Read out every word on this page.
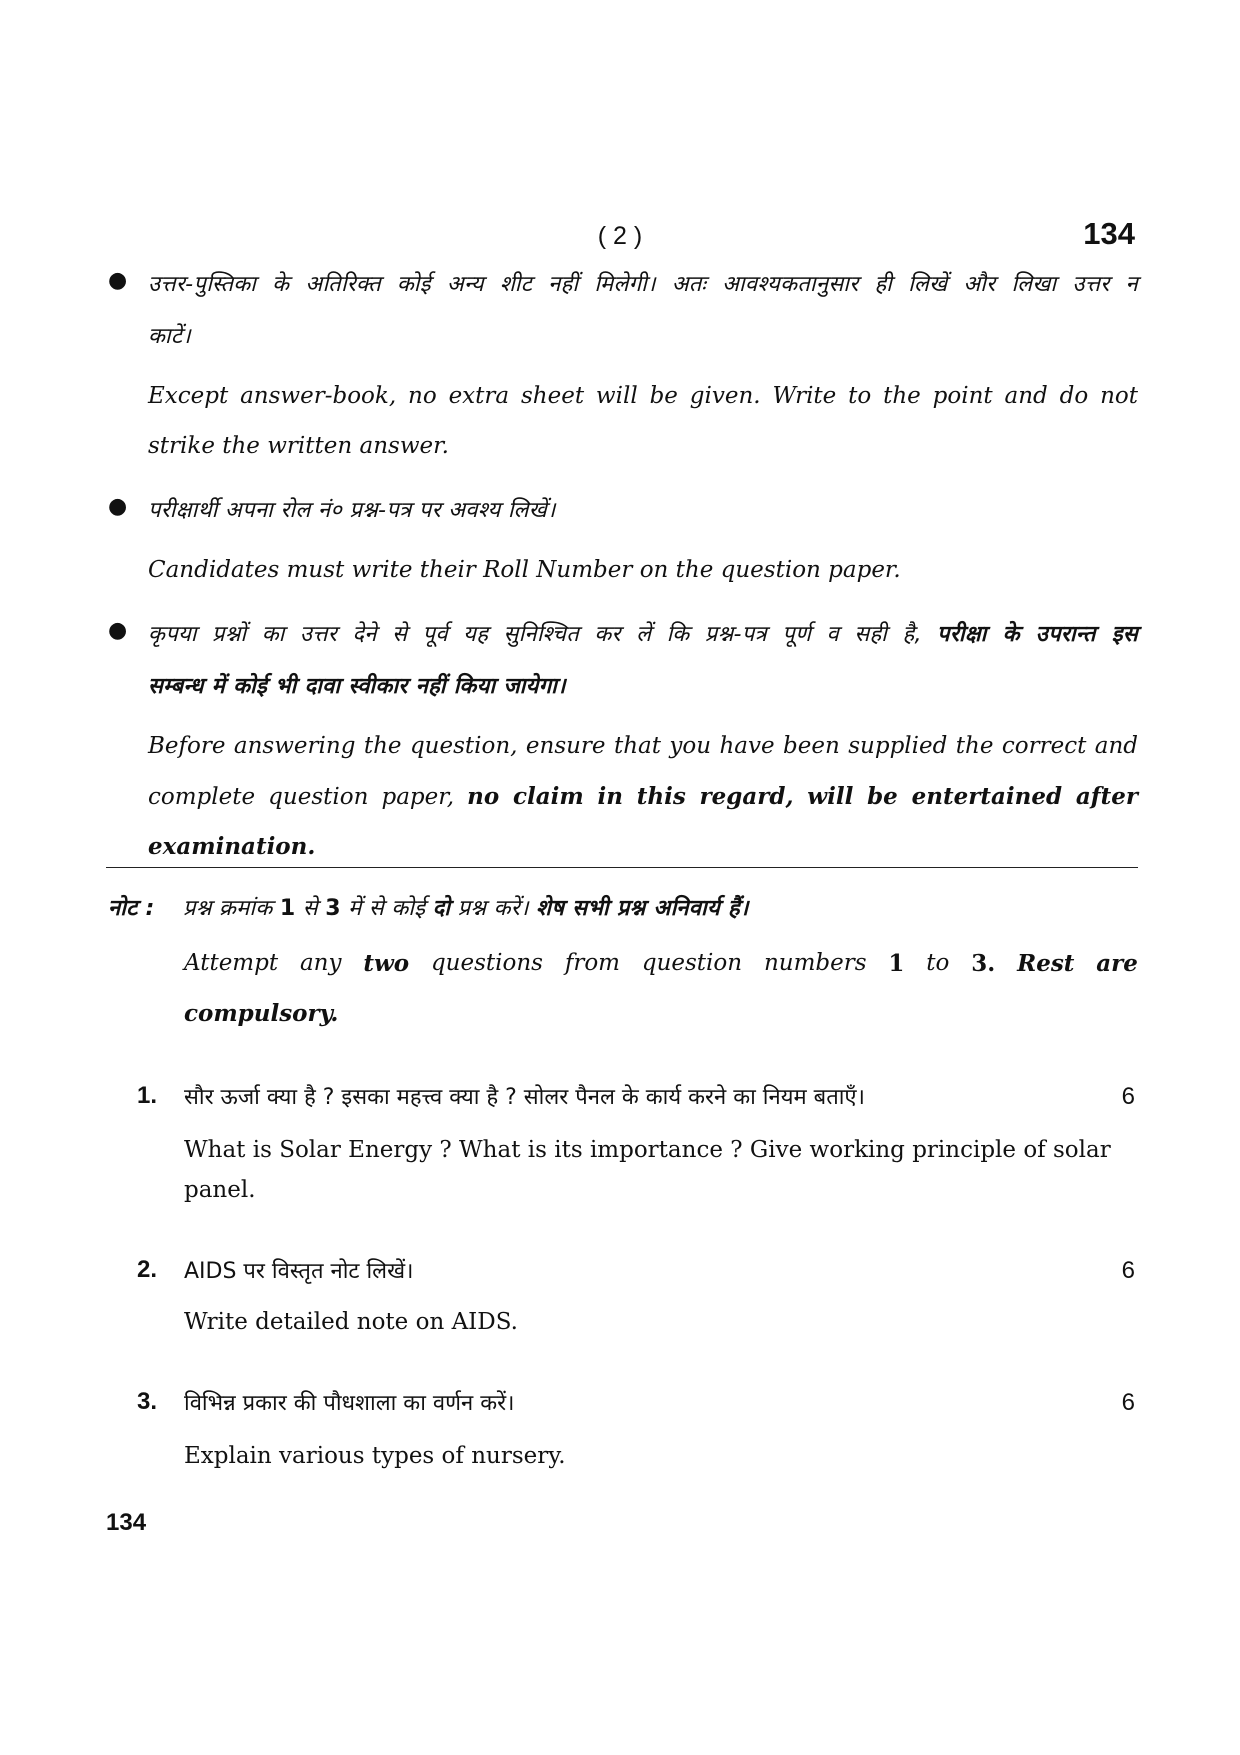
( 2 )	134
● उत्तर-पुस्तिका के अतिरिक्त कोई अन्य शीट नहीं मिलेगी। अतः आवश्यकतानुसार ही लिखें और लिखा उत्तर न
काटें।
Except answer-book, no extra sheet will be given. Write to the point and do not
strike the written answer.
● परीक्षार्थी अपना रोल नं० प्रश्न-पत्र पर अवश्य लिखें।
Candidates must write their Roll Number on the question paper.
● कृपया प्रश्नों का उत्तर देने से पूर्व यह सुनिश्चित कर लें कि प्रश्न-पत्र पूर्ण व सही है, परीक्षा के उपरान्त इस
सम्बन्ध में कोई भी दावा स्वीकार नहीं किया जायेगा।
Before answering the question, ensure that you have been supplied the correct and
complete question paper, no claim in this regard, will be entertained after
examination.
नोट : प्रश्न क्रमांक 1 से 3 में से कोई दो प्रश्न करें। शेष सभी प्रश्न अनिवार्य हैं।
Attempt any two questions from question numbers 1 to 3. Rest are
compulsory.
1. सौर ऊर्जा क्या है ? इसका महत्त्व क्या है ? सोलर पैनल के कार्य करने का नियम बताएँ।	6
What is Solar Energy ? What is its importance ? Give working principle of solar panel.
2. AIDS पर विस्तृत नोट लिखें।	6
Write detailed note on AIDS.
3. विभिन्न प्रकार की पौधशाला का वर्णन करें।	6
Explain various types of nursery.
134
